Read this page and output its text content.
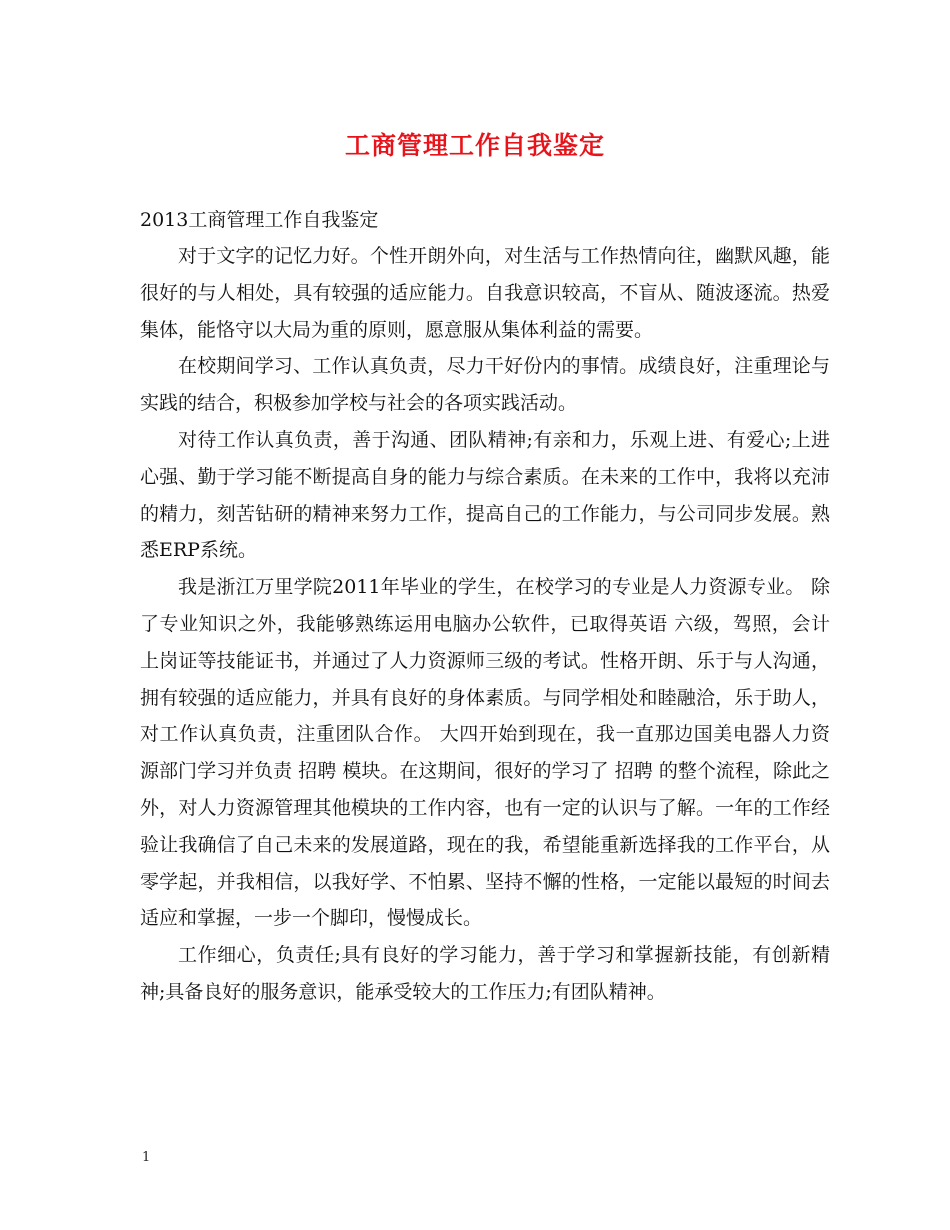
工商管理工作自我鉴定

2013工商管理工作自我鉴定

对于文字的记忆力好。个性开朗外向，对生活与工作热情向往，幽默风趣，能很好的与人相处，具有较强的适应能力。自我意识较高，不盲从、随波逐流。热爱集体，能恪守以大局为重的原则，愿意服从集体利益的需要。

在校期间学习、工作认真负责，尽力干好份内的事情。成绩良好，注重理论与实践的结合，积极参加学校与社会的各项实践活动。

对待工作认真负责，善于沟通、团队精神;有亲和力，乐观上进、有爱心;上进心强、勤于学习能不断提高自身的能力与综合素质。在未来的工作中，我将以充沛的精力，刻苦钻研的精神来努力工作，提高自己的工作能力，与公司同步发展。熟悉ERP系统。

我是浙江万里学院2011年毕业的学生，在校学习的专业是人力资源专业。 除了专业知识之外，我能够熟练运用电脑办公软件，已取得英语 六级，驾照，会计上岗证等技能证书，并通过了人力资源师三级的考试。性格开朗、乐于与人沟通，拥有较强的适应能力，并具有良好的身体素质。与同学相处和睦融洽，乐于助人，对工作认真负责，注重团队合作。 大四开始到现在，我一直那边国美电器人力资源部门学习并负责 招聘 模块。在这期间，很好的学习了 招聘 的整个流程，除此之外，对人力资源管理其他模块的工作内容，也有一定的认识与了解。一年的工作经验让我确信了自己未来的发展道路，现在的我，希望能重新选择我的工作平台，从零学起，并我相信，以我好学、不怕累、坚持不懈的性格，一定能以最短的时间去适应和掌握，一步一个脚印，慢慢成长。

工作细心，负责任;具有良好的学习能力，善于学习和掌握新技能，有创新精神;具备良好的服务意识，能承受较大的工作压力;有团队精神。

1
